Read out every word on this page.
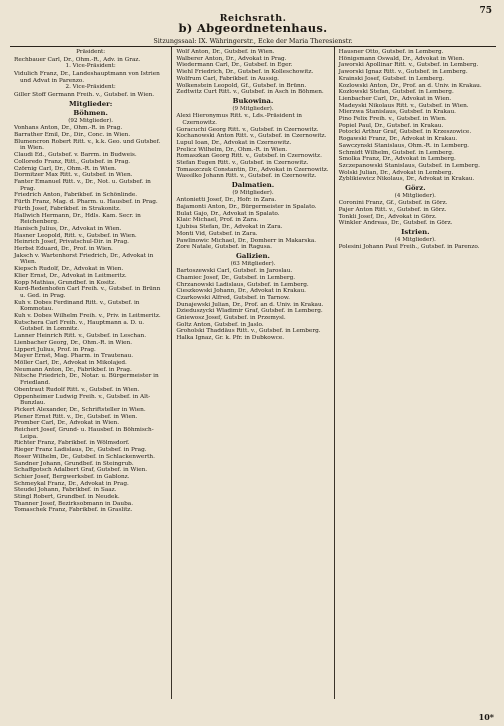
Reichsrath.
75
b) Abgeordnetenhaus.
Sitzungssaal: IX. Währingerstr., Ecke der Maria Theresienstr.

Präsident:

Rechbauer Carl, Dr., Ohm.-R., Adv. in Graz.

1. Vice-Präsident:

Vidulich Franz, Dr., Landeshauptmann von Istrien und Advat in Parenzo.

2. Vice-Präsident:

Giller Stoff Germann Freih. v., Gutsbef. in Wien.

Mitglieder:

Böhmen.

(92 Mitglieder).

Vonhans Anton, Dr., Ohm.-R. in Prag.

Barrather Emil, Dr., Dir., Conc. in Wien.

Blumencron Robert Ritt. v., k.k. Geo. und Gutsbef. in Wien.

Claudi Ed., Gutsbef. v. Barrm. in Budweis.

Colloredo Franz, Ritt., Gutsbef. in Prag.

Czörnig Carl, Dr., Ohm.-R. in Wien.

Dormitzer Max Ritt. v., Gutsbef. in Wien.

Fanter Emanuel Ritt. v., Dr., Not. u. Gutsbef. in Prag.

Friedrich Anton, Fabrikbef. in Schönlinde.

Fürth Franz, Mag. d. Pharm. u. Hausbef. in Prag.

Fürth Josef, Fabrikbef. in Strakonitz.

Hallwich Hermann, Dr., Hdls. Kam. Secr. in Reichenberg.

Hanisch Julius, Dr., Advokat in Wien.

Hasner Leopold, Ritt. v., Gutsbef. in Wien.

Heinrich Josef, Privatschul-Dir. in Prag.

Herbst Eduard, Dr., Prof. in Wien.

Jaksch v. Wartenhorst Friedrich, Dr., Advokat in Wien.

Kiepsch Rudolf, Dr., Advokat in Wien.

Klier Ernst, Dr., Advokat in Leitmeritz.

Kopp Mathias, Grundbef. in Kositz.

Kurd-Redenhofen Carl Freih. v., Gutsbef. in Brünn u. Ged. in Prag.

Kuh v. Dobes Ferdinand Ritt. v., Gutsbef. in Kommotau.

Kuh v. Dobes Wilhelm Freih. v., Priv. in Leitmeritz.

Kutschera Carl Freih. v., Hauptmann a. D. u. Gutsbef. in Lomnitz.

Lanner Heinrich Ritt. v., Gutsbef. in Leschan.

Lienbacher Georg, Dr., Ohm.-R. in Wien.

Lippert Julius, Prof. in Prag.

Mayer Ernst, Mag. Pharm. in Trautenau.

Möller Carl, Dr., Advokat in Mikolajed.

Neumann Anton, Dr., Fabrikbef. in Prag.

Nitsche Friedrich, Dr., Notar. u. Bürgermeister in Friedland.

Obentraut Rudolf Ritt. v., Gutsbef. in Wien.

Oppenheimer Ludwig Freih. v., Gutsbef. in Alt-Bunzlau.

Pickert Alexander, Dr., Schriftsteller in Wien.

Plener Ernst Ritt. v., Dr., Gutsbef. in Wien.

Promber Carl, Dr., Advokat in Wien.

Reichert Josef, Grund- u. Hausbef. in Böhmisch-Leipa.

Richter Franz, Fabrikbef. in Wölmsdorf.

Rieger Franz Ladislaus, Dr., Gutsbef. in Prag.

Roser Wilhelm, Dr., Gutsbef. in Schlackenwerth.

Sandner Johann, Grundbef. in Steingrub.

Schaffgotsch Adalbert Graf, Gutsbef. in Wien.

Schier Josef, Bergwerksbef. in Gablonz.

Schmeykal Franz, Dr., Advokat in Prag.

Steudel Johann, Fabrikbef. in Saaz.

Stingl Robert, Grundbef. in Neudek.

Thanner Josef, Bezirksobmann in Dauba.

Tomaschek Franz, Fabrikbef. in Graslitz.

Wolf Anton, Dr., Gutsbef. in Wien.

Walberer Anton, Dr., Advokat in Prag.

Wiedermann Carl, Dr., Gutsbef. in Eger.

Wiehl Friedrich, Dr., Gutsbef. in Kolleschowitz.

Wolfrum Carl, Fabrikbef. in Aussig.

Wolkenstein Leopold, Gf., Gutsbef. in Brünn.

Zedtwitz Curt Ritt. v., Gutsbef. in Asch in Böhmen.

Bukowina.

(9 Mitglieder).

Alexi Hieronymus Ritt. v., Lds.-Präsident in Czernowitz.

Goracuchi Georg Ritt. v., Gutsbef. in Czernowitz.

Kochanowski Anton Ritt. v., Gutsbef. in Czernowitz.

Lupul Ioan, Dr., Advokat in Czernowitz.

Prelicz Wilhelm, Dr., Ohm.-R. in Wien.

Romaszkan Georg Ritt. v., Gutsbef. in Czernowitz.

Stefan Eugen Ritt. v., Gutsbef. in Czernowitz.

Tomaszczuk Constantin, Dr., Advokat in Czernowitz.

Wassilko Johann Ritt. v., Gutsbef. in Czernowitz.

Dalmatien.

(9 Mitglieder).

Antonietti Josef, Dr., Hofr. in Zara.

Bajamonti Anton, Dr., Bürgermeister in Spalato.

Bulat Gajo, Dr., Advokat in Spalato.

Klaic Michael, Prof. in Zara.

Ljubisa Stefan, Dr., Advokat in Zara.

Monti Vid, Gutsbef. in Zara.

Pawlinowic Michael, Dr., Domherr in Makarska.

Zore Natale, Gutsbef. in Ragusa.

Galizien.

(63 Mitglieder).

Bartoszewski Carl, Gutsbef. in Jaroslau.

Chamiec Josef, Dr., Gutsbef. in Lemberg.

Chrzanowski Ladislaus, Gutsbef. in Lemberg.

Cieszkowski Johann, Dr., Advokat in Krakau.

Czarkowski Alfred, Gutsbef. in Tarnow.

Dunajewski Julian, Dr., Prof. an d. Univ. in Krakau.

Dzieduszycki Wladimir Graf, Gutsbef. in Lemberg.

Gniewosz Josef, Gutsbef. in Przemysl.

Goltz Anton, Gutsbef. in Jaslo.

Groholski Thaddäus Ritt. v., Gutsbef. in Lemberg.

Halka Ignaz, Gr. k. Pfr. in Dubkowce.

Hausner Otto, Gutsbef. in Lemberg.

Hönigsmann Oswald, Dr., Advokat in Wien.

Jaworski Apollinar Ritt. v., Gutsbef. in Lemberg.

Jaworski Ignaz Ritt. v., Gutsbef. in Lemberg.

Krainski Josef, Gutsbef. in Lemberg.

Kozlowski Anton, Dr., Prof. an d. Univ. in Krakau.

Kozłowski Stefan, Gutsbef. in Lemberg.

Lienbacher Carl, Dr., Advokat in Wien.

Madeyski Nikolaus Ritt. v., Gutsbef. in Wien.

Mierzwa Stanislaus, Gutsbef. in Krakau.

Pino Felix Freih. v., Gutsbef. in Wien.

Popiel Paul, Dr., Gutsbef. in Krakau.

Potocki Arthur Graf, Gutsbef. in Krzeszowice.

Rogawski Franz, Dr., Advokat in Krakau.

Sawczynski Stanislaus, Ohm.-R. in Lemberg.

Schmidt Wilhelm, Gutsbef. in Lemberg.

Smolka Franz, Dr., Advokat in Lemberg.

Szczepanowski Stanislaus, Gutsbef. in Lemberg.

Wolski Julian, Dr., Advokat in Lemberg.

Zyblikiewicz Nikolaus, Dr., Advokat in Krakau.

Görz.

(4 Mitglieder).

Coronini Franz, Gf., Gutsbef. in Görz.

Pajer Anton Ritt. v., Gutsbef. in Görz.

Tonkli Josef, Dr., Advokat in Görz.

Winkler Andreas, Dr., Gutsbef. in Görz.

Istrien.

(4 Mitglieder).

Polesini Johann Paul Freih., Gutsbef. in Parenzo.

10*
